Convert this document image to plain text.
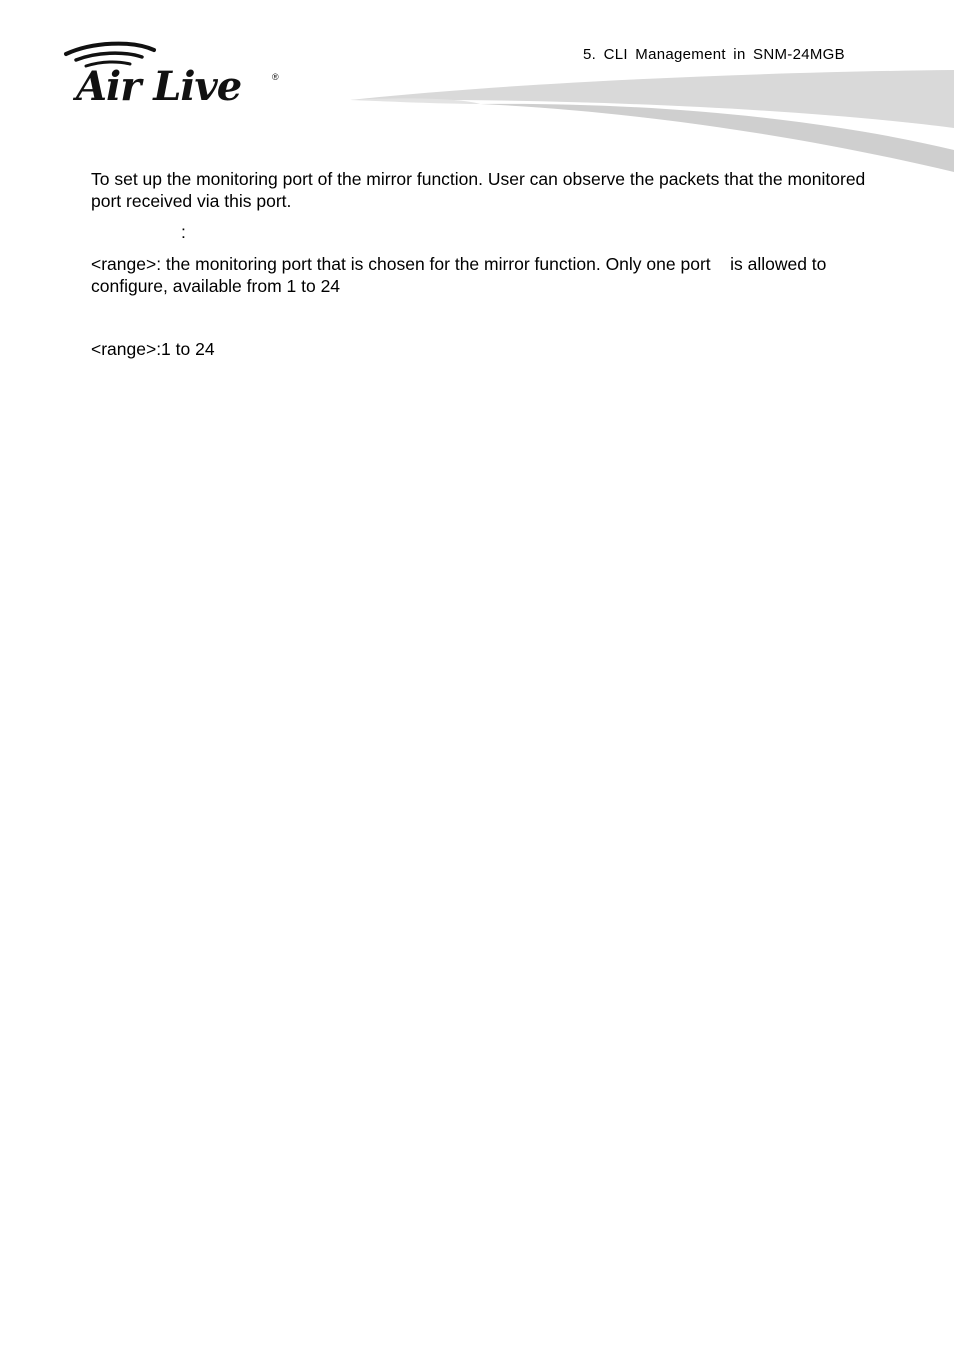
Air Live	®
5. CLI Management in SNM-24MGB

To set up the monitoring port of the mirror function. User can observe the packets that the monitored port received via this port.

:

<range>: the monitoring port that is chosen for the mirror function. Only one port    is allowed to configure, available from 1 to 24

<range>:1 to 24
